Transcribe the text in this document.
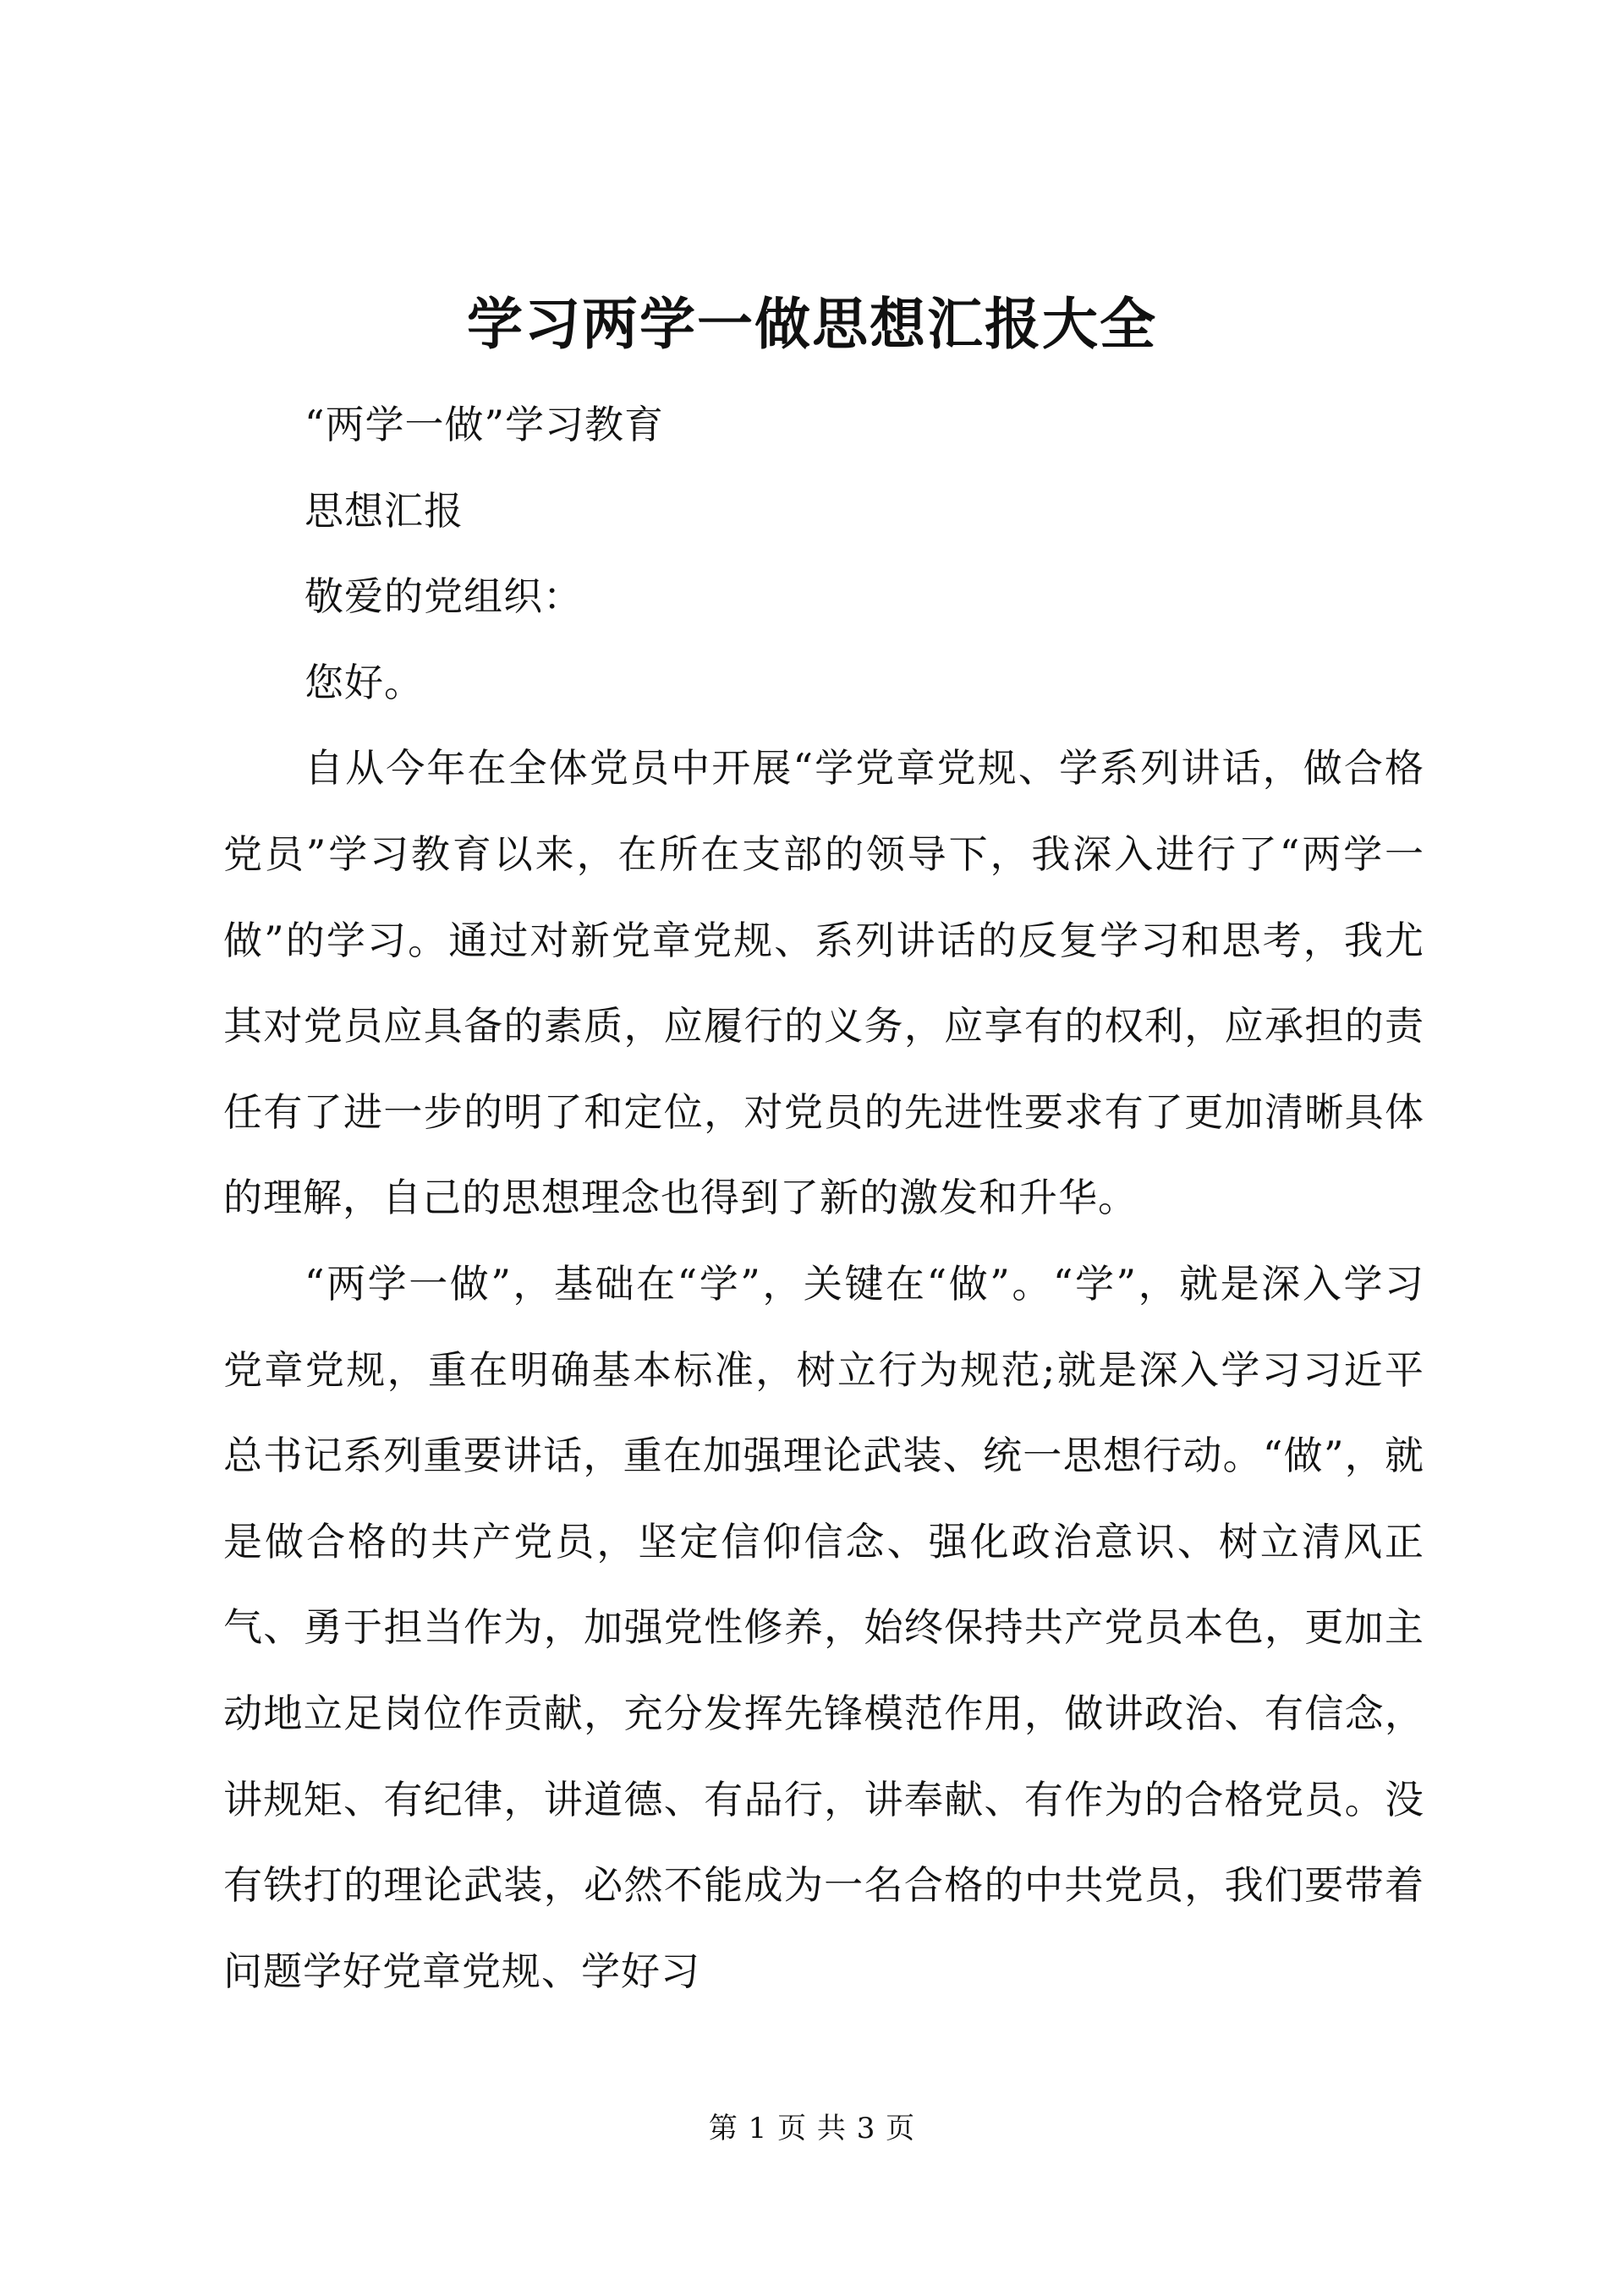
学习两学一做思想汇报大全

“两学一做”学习教育

思想汇报

敬爱的党组织：

您好。

自从今年在全体党员中开展“学党章党规、学系列讲话，做合格党员”学习教育以来，在所在支部的领导下，我深入进行了“两学一做”的学习。通过对新党章党规、系列讲话的反复学习和思考，我尤其对党员应具备的素质，应履行的义务，应享有的权利，应承担的责任有了进一步的明了和定位，对党员的先进性要求有了更加清晰具体的理解，自己的思想理念也得到了新的激发和升华。

“两学一做”，基础在“学”，关键在“做”。“学”，就是深入学习党章党规，重在明确基本标准，树立行为规范;就是深入学习习近平总书记系列重要讲话，重在加强理论武装、统一思想行动。“做”，就是做合格的共产党员，坚定信仰信念、强化政治意识、树立清风正气、勇于担当作为，加强党性修养，始终保持共产党员本色，更加主动地立足岗位作贡献，充分发挥先锋模范作用，做讲政治、有信念，讲规矩、有纪律，讲道德、有品行，讲奉献、有作为的合格党员。没有铁打的理论武装，必然不能成为一名合格的中共党员，我们要带着问题学好党章党规、学好习

第 1 页 共 3 页
